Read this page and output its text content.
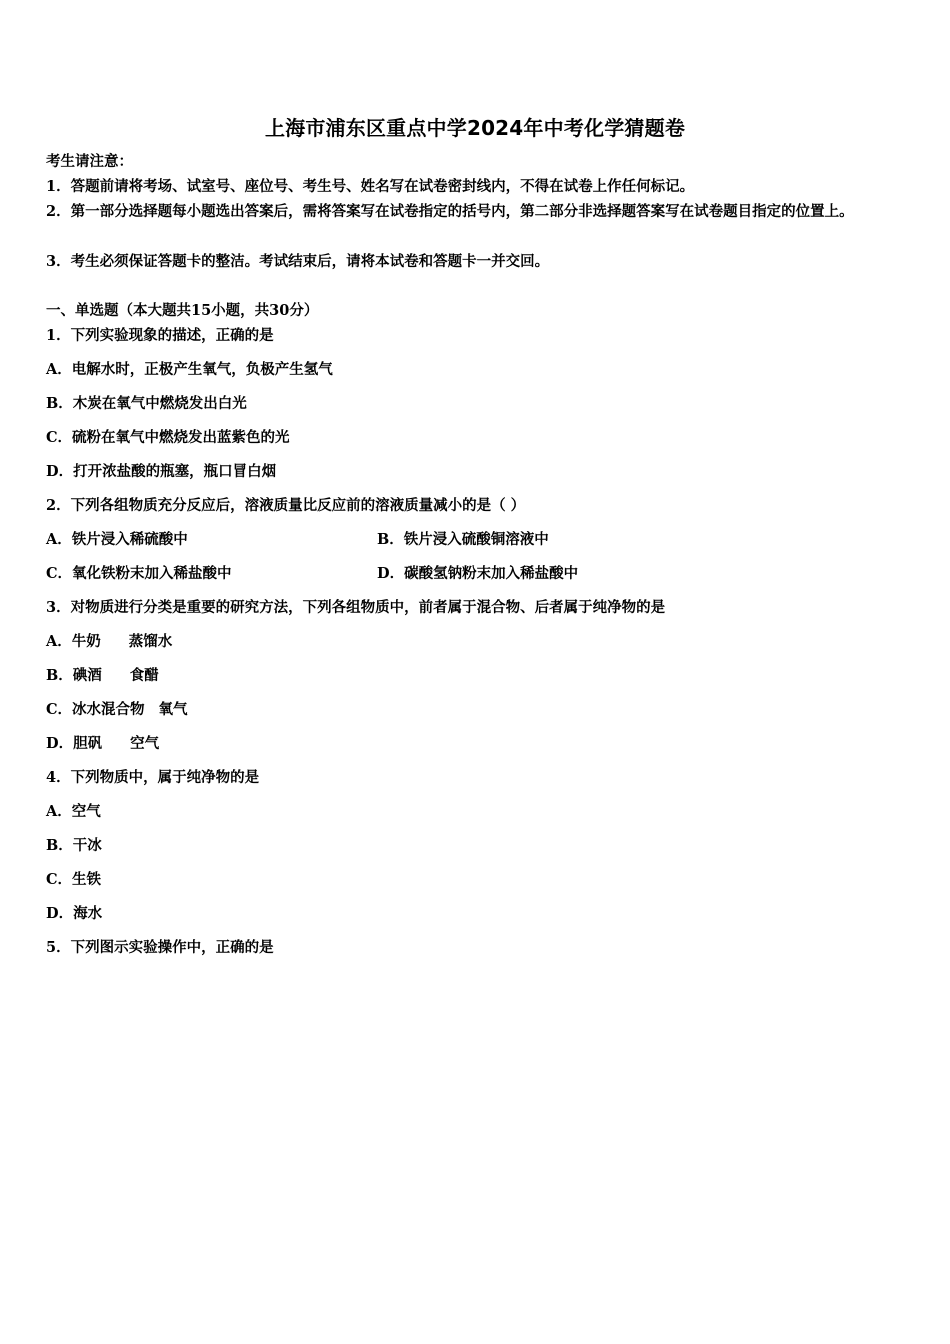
上海市浦东区重点中学2024年中考化学猜题卷
考生请注意：
1．答题前请将考场、试室号、座位号、考生号、姓名写在试卷密封线内，不得在试卷上作任何标记。
2．第一部分选择题每小题选出答案后，需将答案写在试卷指定的括号内，第二部分非选择题答案写在试卷题目指定的位置上。
3．考生必须保证答题卡的整洁。考试结束后，请将本试卷和答题卡一并交回。
一、单选题（本大题共15小题，共30分）
1．下列实验现象的描述，正确的是
A．电解水时，正极产生氧气，负极产生氢气
B．木炭在氧气中燃烧发出白光
C．硫粉在氧气中燃烧发出蓝紫色的光
D．打开浓盐酸的瓶塞，瓶口冒白烟
2．下列各组物质充分反应后，溶液质量比反应前的溶液质量减小的是（ ）
A．铁片浸入稀硫酸中	B．铁片浸入硫酸铜溶液中
C．氧化铁粉末加入稀盐酸中	D．碳酸氢钠粉末加入稀盐酸中
3．对物质进行分类是重要的研究方法，下列各组物质中，前者属于混合物、后者属于纯净物的是
A．牛奶 蒸馏水
B．碘酒 食醋
C．冰水混合物 氧气
D．胆矾 空气
4．下列物质中，属于纯净物的是
A．空气
B．干冰
C．生铁
D．海水
5．下列图示实验操作中，正确的是
